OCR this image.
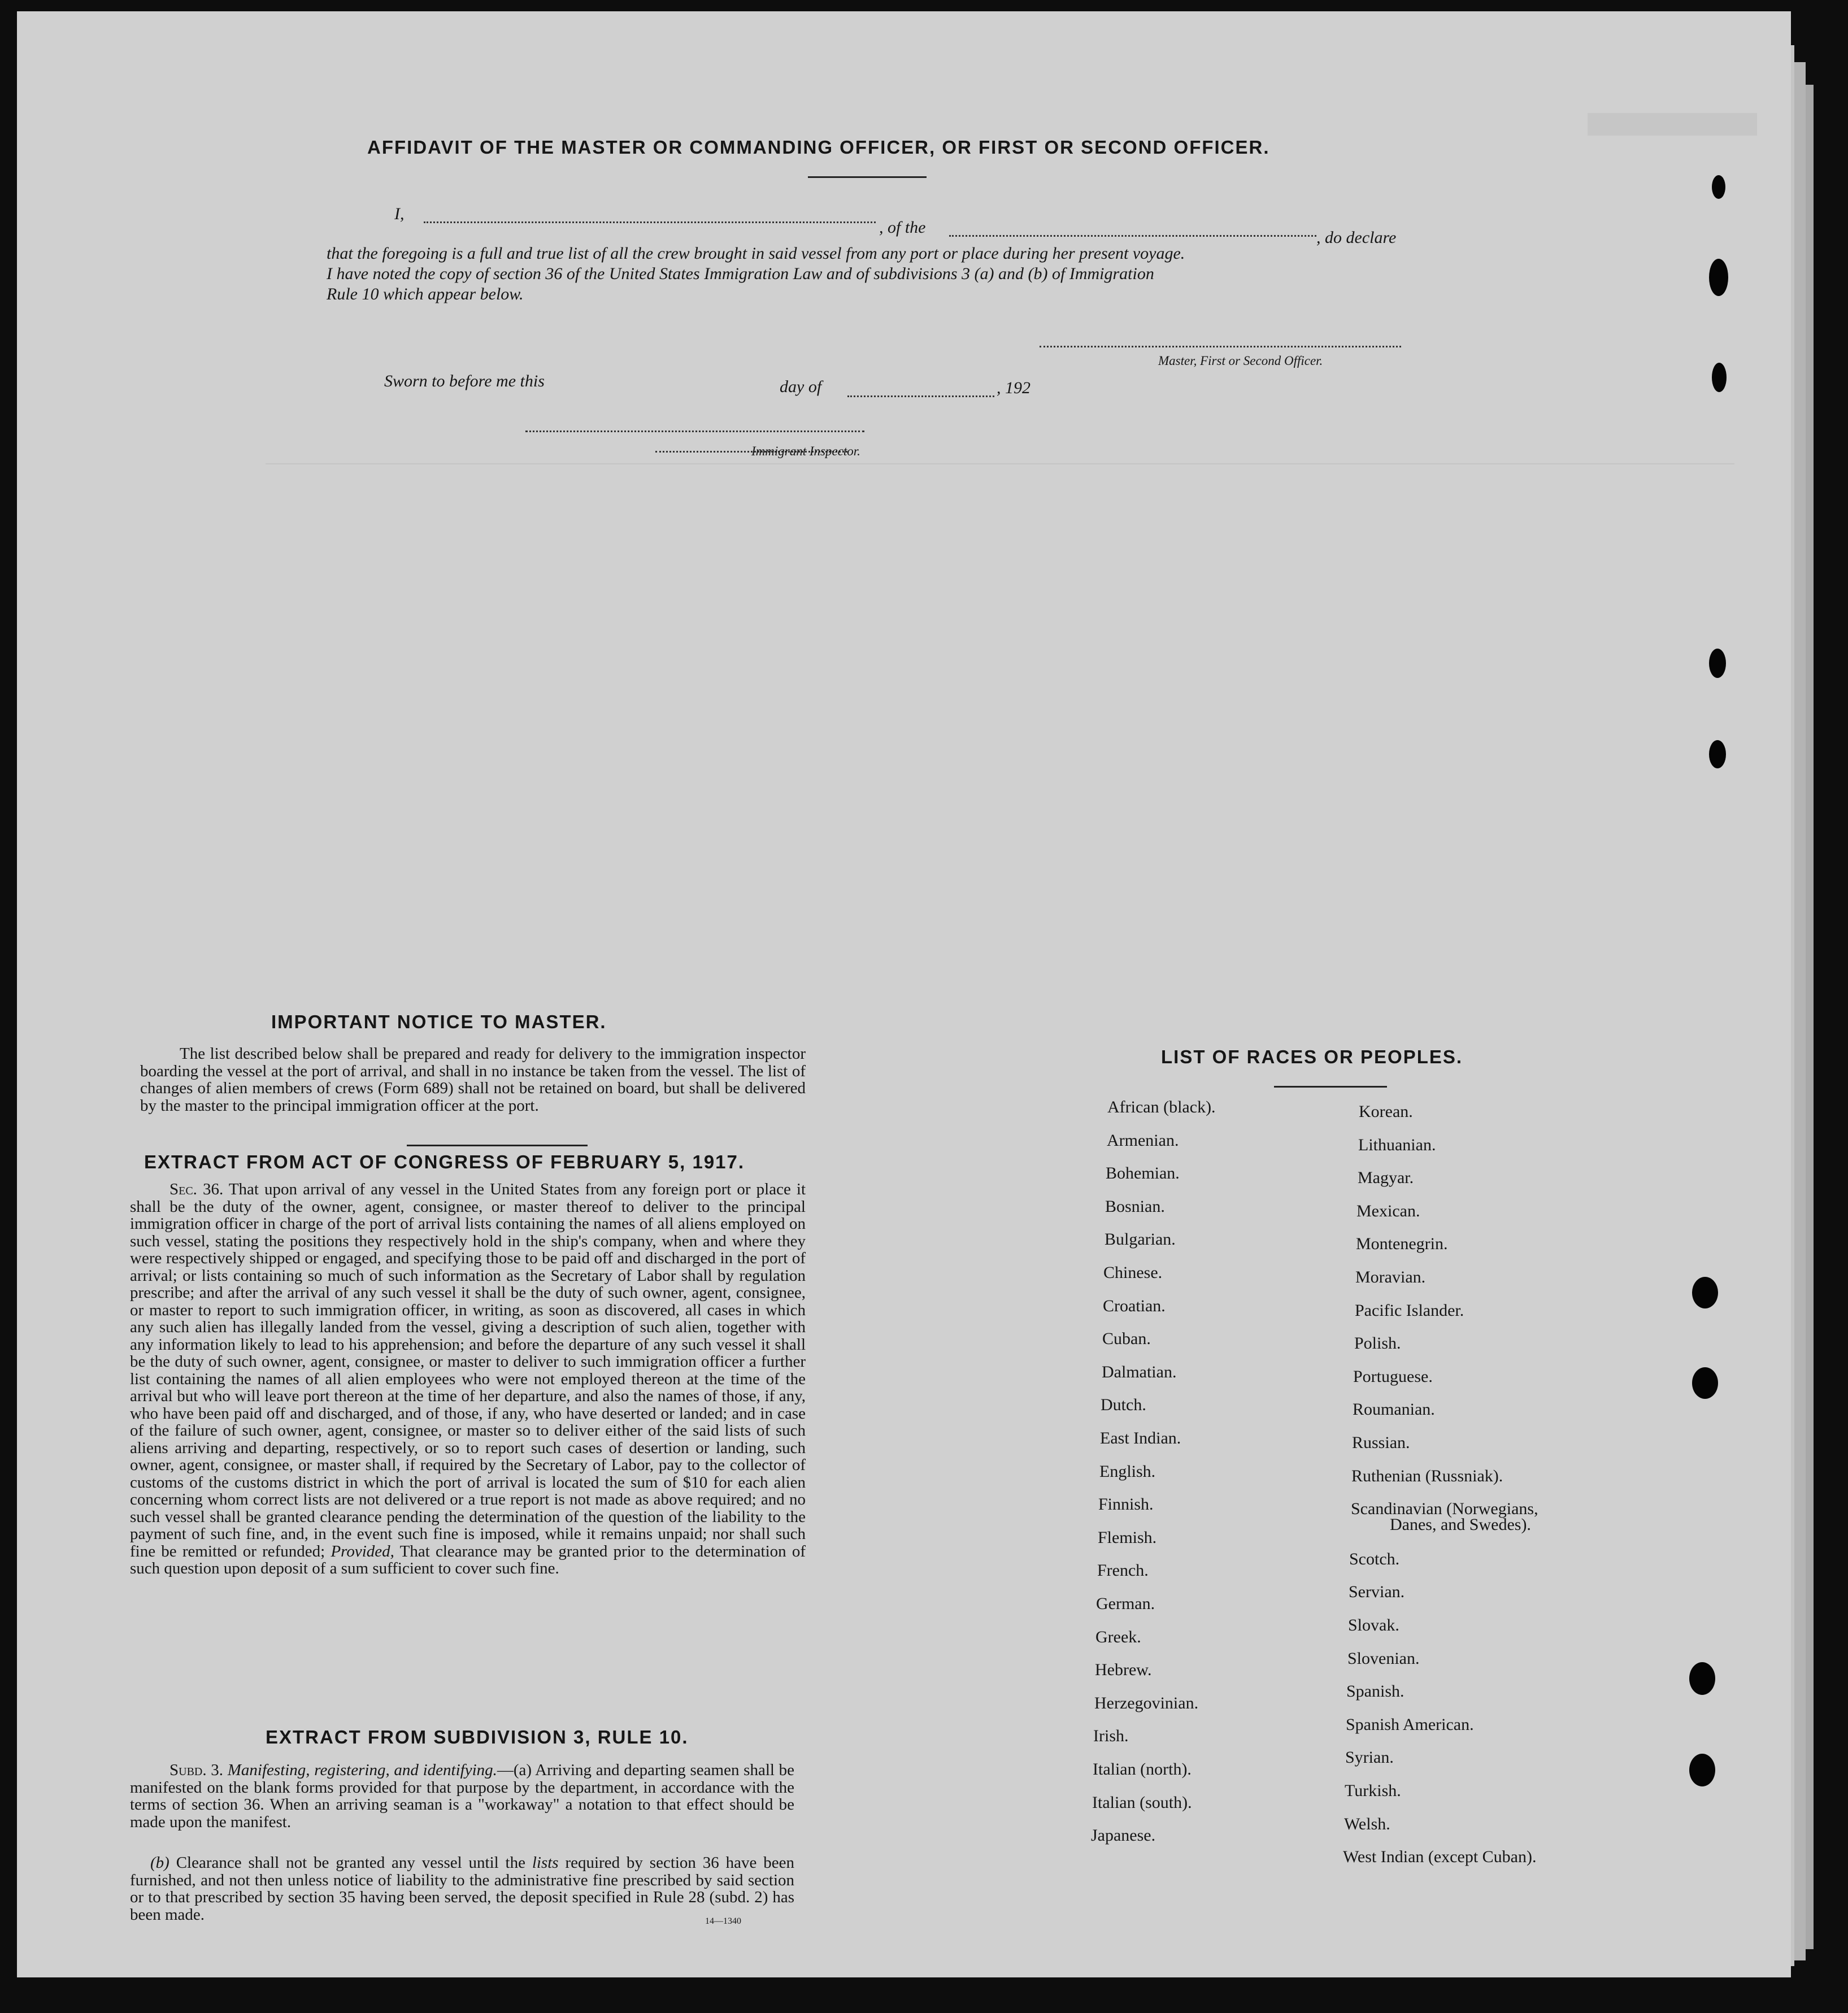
AFFIDAVIT OF THE MASTER OR COMMANDING OFFICER, OR FIRST OR SECOND OFFICER.
I,
, of the
, do declare
that the foregoing is a full and true list of all the crew brought in said vessel from any port or place during her present voyage.
I have noted the copy of section 36 of the United States Immigration Law and of subdivisions 3 (a) and (b) of Immigration
Rule 10 which appear below.
Master, First or Second Officer.
Sworn to before me this	day of	, 192
Immigrant Inspector.
IMPORTANT NOTICE TO MASTER.
The list described below shall be prepared and ready for delivery to the immigration inspector boarding the vessel at the port of arrival, and shall in no instance be taken from the vessel. The list of changes of alien members of crews (Form 689) shall not be retained on board, but shall be delivered by the master to the principal immigration officer at the port.
EXTRACT FROM ACT OF CONGRESS OF FEBRUARY 5, 1917.
Sec. 36. That upon arrival of any vessel in the United States from any foreign port or place it shall be the duty of the owner, agent, consignee, or master thereof to deliver to the principal immigration officer in charge of the port of arrival lists containing the names of all aliens employed on such vessel, stating the positions they respectively hold in the ship's company, when and where they were respectively shipped or engaged, and specifying those to be paid off and discharged in the port of arrival; or lists containing so much of such information as the Secretary of Labor shall by regulation prescribe; and after the arrival of any such vessel it shall be the duty of such owner, agent, consignee, or master to report to such immigration officer, in writing, as soon as discovered, all cases in which any such alien has illegally landed from the vessel, giving a description of such alien, together with any information likely to lead to his apprehension; and before the departure of any such vessel it shall be the duty of such owner, agent, consignee, or master to deliver to such immigration officer a further list containing the names of all alien employees who were not employed thereon at the time of the arrival but who will leave port thereon at the time of her departure, and also the names of those, if any, who have been paid off and discharged, and of those, if any, who have deserted or landed; and in case of the failure of such owner, agent, consignee, or master so to deliver either of the said lists of such aliens arriving and departing, respectively, or so to report such cases of desertion or landing, such owner, agent, consignee, or master shall, if required by the Secretary of Labor, pay to the collector of customs of the customs district in which the port of arrival is located the sum of $10 for each alien concerning whom correct lists are not delivered or a true report is not made as above required; and no such vessel shall be granted clearance pending the determination of the question of the liability to the payment of such fine, and, in the event such fine is imposed, while it remains unpaid; nor shall such fine be remitted or refunded; Provided, That clearance may be granted prior to the determination of such question upon deposit of a sum sufficient to cover such fine.
EXTRACT FROM SUBDIVISION 3, RULE 10.
Subd. 3. Manifesting, registering, and identifying.—(a) Arriving and departing seamen shall be manifested on the blank forms provided for that purpose by the department, in accordance with the terms of section 36. When an arriving seaman is a "workaway" a notation to that effect should be made upon the manifest.
(b) Clearance shall not be granted any vessel until the lists required by section 36 have been furnished, and not then unless notice of liability to the administrative fine prescribed by said section or to that prescribed by section 35 having been served, the deposit specified in Rule 28 (subd. 2) has been made.	14—1340
LIST OF RACES OR PEOPLES.
African (black).
Armenian.
Bohemian.
Bosnian.
Bulgarian.
Chinese.
Croatian.
Cuban.
Dalmatian.
Dutch.
East Indian.
English.
Finnish.
Flemish.
French.
German.
Greek.
Hebrew.
Herzegovinian.
Irish.
Italian (north).
Italian (south).
Japanese.
Korean.
Lithuanian.
Magyar.
Mexican.
Montenegrin.
Moravian.
Pacific Islander.
Polish.
Portuguese.
Roumanian.
Russian.
Ruthenian (Russniak).
Scandinavian (Norwegians,
Danes, and Swedes).
Scotch.
Servian.
Slovak.
Slovenian.
Spanish.
Spanish American.
Syrian.
Turkish.
Welsh.
West Indian (except Cuban).
